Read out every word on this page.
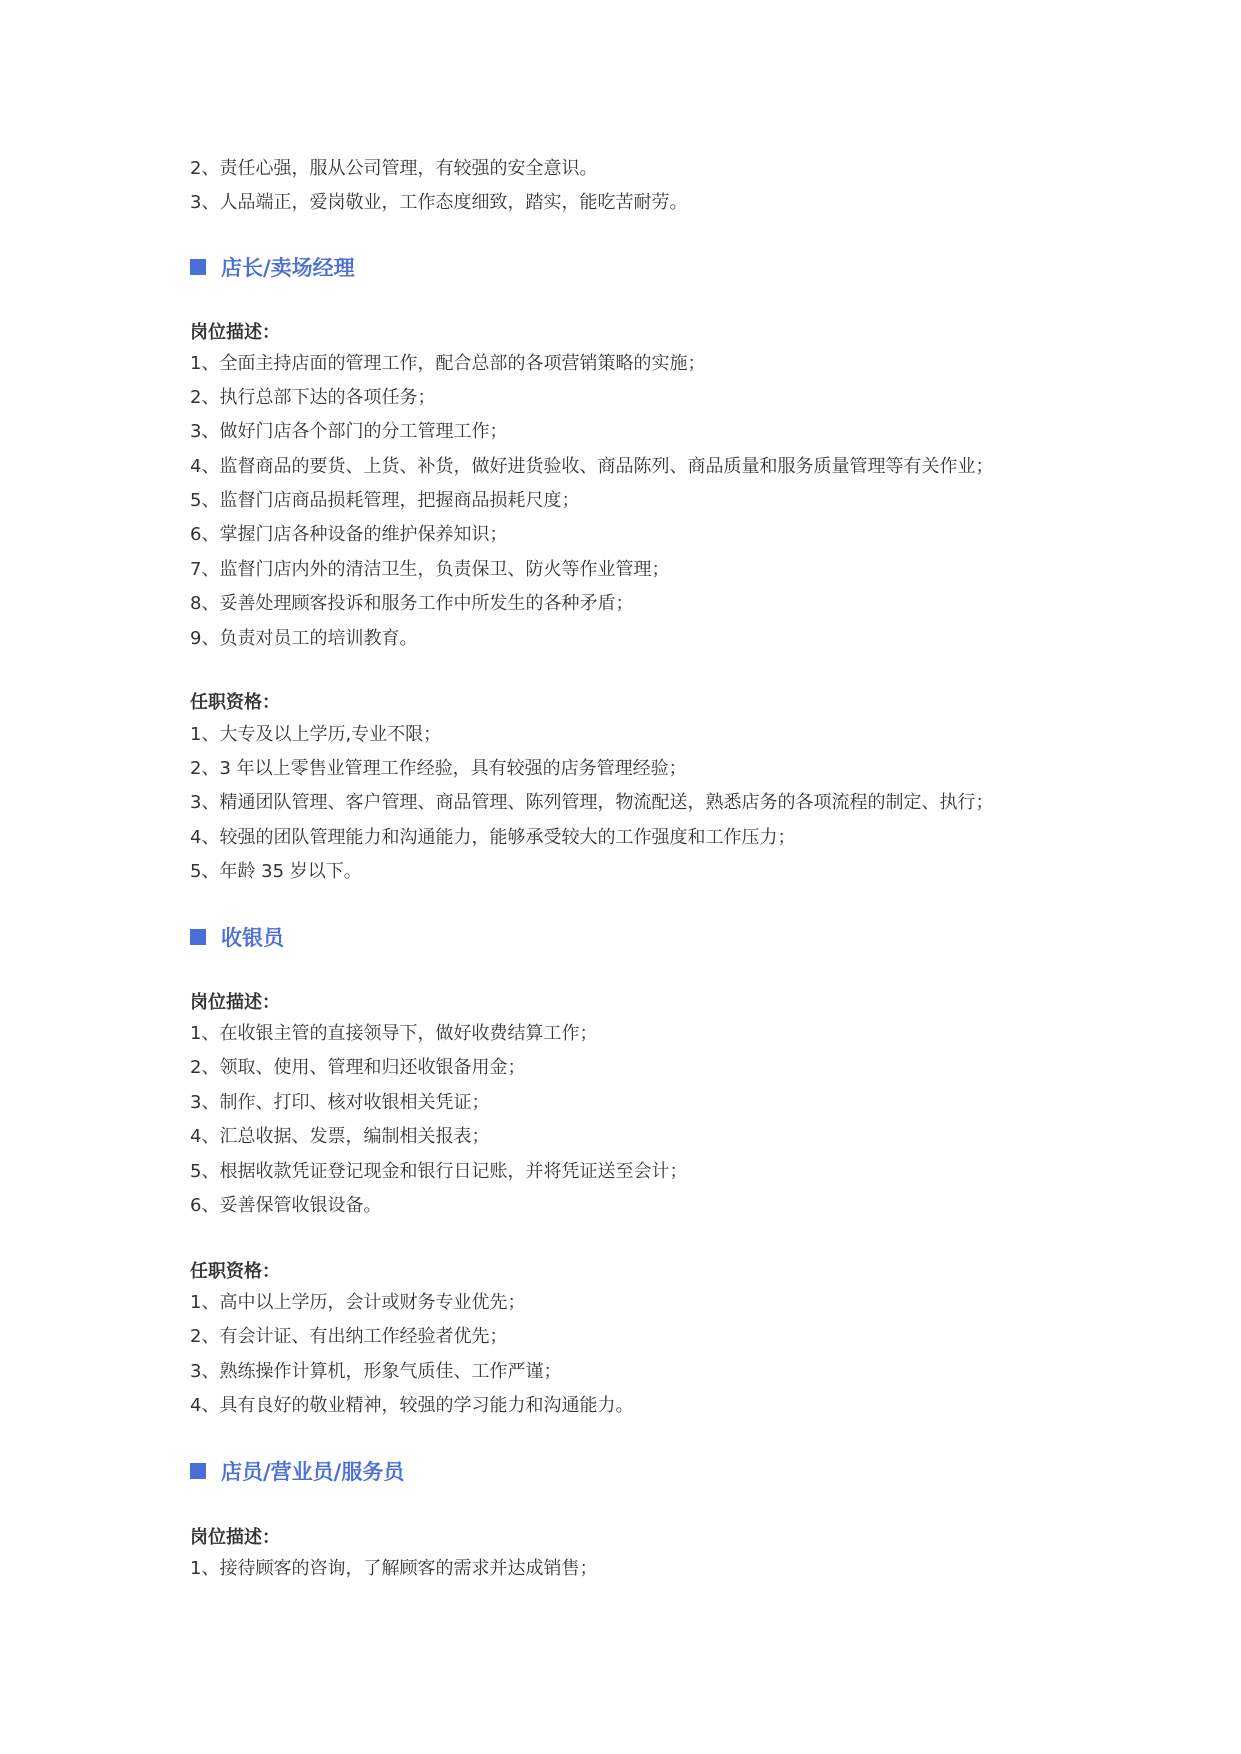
2、责任心强，服从公司管理，有较强的安全意识。
3、人品端正，爱岗敬业，工作态度细致，踏实，能吃苦耐劳。
店长/卖场经理
岗位描述：
1、全面主持店面的管理工作，配合总部的各项营销策略的实施；
2、执行总部下达的各项任务；
3、做好门店各个部门的分工管理工作；
4、监督商品的要货、上货、补货，做好进货验收、商品陈列、商品质量和服务质量管理等有关作业；
5、监督门店商品损耗管理，把握商品损耗尺度；
6、掌握门店各种设备的维护保养知识；
7、监督门店内外的清洁卫生，负责保卫、防火等作业管理；
8、妥善处理顾客投诉和服务工作中所发生的各种矛盾；
9、负责对员工的培训教育。
任职资格：
1、大专及以上学历,专业不限；
2、3 年以上零售业管理工作经验，具有较强的店务管理经验；
3、精通团队管理、客户管理、商品管理、陈列管理，物流配送，熟悉店务的各项流程的制定、执行；
4、较强的团队管理能力和沟通能力，能够承受较大的工作强度和工作压力；
5、年龄 35 岁以下。
收银员
岗位描述：
1、在收银主管的直接领导下，做好收费结算工作；
2、领取、使用、管理和归还收银备用金；
3、制作、打印、核对收银相关凭证；
4、汇总收据、发票，编制相关报表；
5、根据收款凭证登记现金和银行日记账，并将凭证送至会计；
6、妥善保管收银设备。
任职资格：
1、高中以上学历，会计或财务专业优先；
2、有会计证、有出纳工作经验者优先；
3、熟练操作计算机，形象气质佳、工作严谨；
4、具有良好的敬业精神，较强的学习能力和沟通能力。
店员/营业员/服务员
岗位描述：
1、接待顾客的咨询，了解顾客的需求并达成销售；
